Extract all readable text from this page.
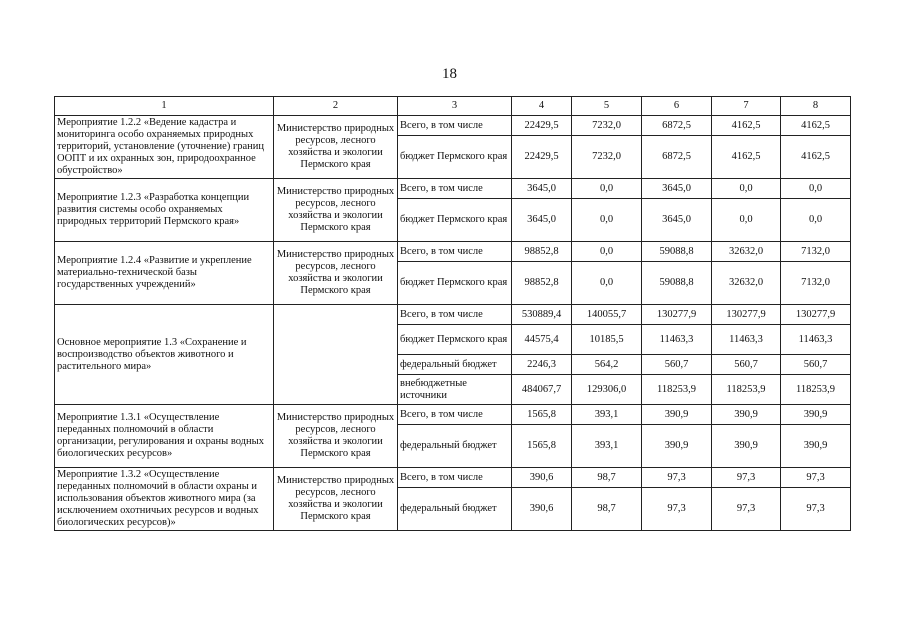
18
1	2	3	4	5	6	7	8
Мероприятие 1.2.2 «Ведение кадастра и мониторинга особо охраняемых природных территорий, установление (уточнение) границ ООПТ и их охранных зон, природоохранное обустройство»	Министерство природных ресурсов, лесного хозяйства и экологии Пермского края	Всего, в том числе	22429,5	7232,0	6872,5	4162,5	4162,5
		бюджет Пермского края	22429,5	7232,0	6872,5	4162,5	4162,5
Мероприятие 1.2.3 «Разработка концепции развития системы особо охраняемых природных территорий Пермского края»	Министерство природных ресурсов, лесного хозяйства и экологии Пермского края	Всего, в том числе	3645,0	0,0	3645,0	0,0	0,0
		бюджет Пермского края	3645,0	0,0	3645,0	0,0	0,0
Мероприятие 1.2.4 «Развитие и укрепление материально-технической базы государственных учреждений»	Министерство природных ресурсов, лесного хозяйства и экологии Пермского края	Всего, в том числе	98852,8	0,0	59088,8	32632,0	7132,0
		бюджет Пермского края	98852,8	0,0	59088,8	32632,0	7132,0
Основное мероприятие 1.3 «Сохранение и воспроизводство объектов животного и растительного мира»		Всего, в том числе	530889,4	140055,7	130277,9	130277,9	130277,9
		бюджет Пермского края	44575,4	10185,5	11463,3	11463,3	11463,3
		федеральный бюджет	2246,3	564,2	560,7	560,7	560,7
		внебюджетные источники	484067,7	129306,0	118253,9	118253,9	118253,9
Мероприятие 1.3.1 «Осуществление переданных полномочий в области организации, регулирования и охраны водных биологических ресурсов»	Министерство природных ресурсов, лесного хозяйства и экологии Пермского края	Всего, в том числе	1565,8	393,1	390,9	390,9	390,9
		федеральный бюджет	1565,8	393,1	390,9	390,9	390,9
Мероприятие 1.3.2 «Осуществление переданных полномочий в области охраны и использования объектов животного мира (за исключением охотничьих ресурсов и водных биологических ресурсов)»	Министерство природных ресурсов, лесного хозяйства и экологии Пермского края	Всего, в том числе	390,6	98,7	97,3	97,3	97,3
		федеральный бюджет	390,6	98,7	97,3	97,3	97,3
